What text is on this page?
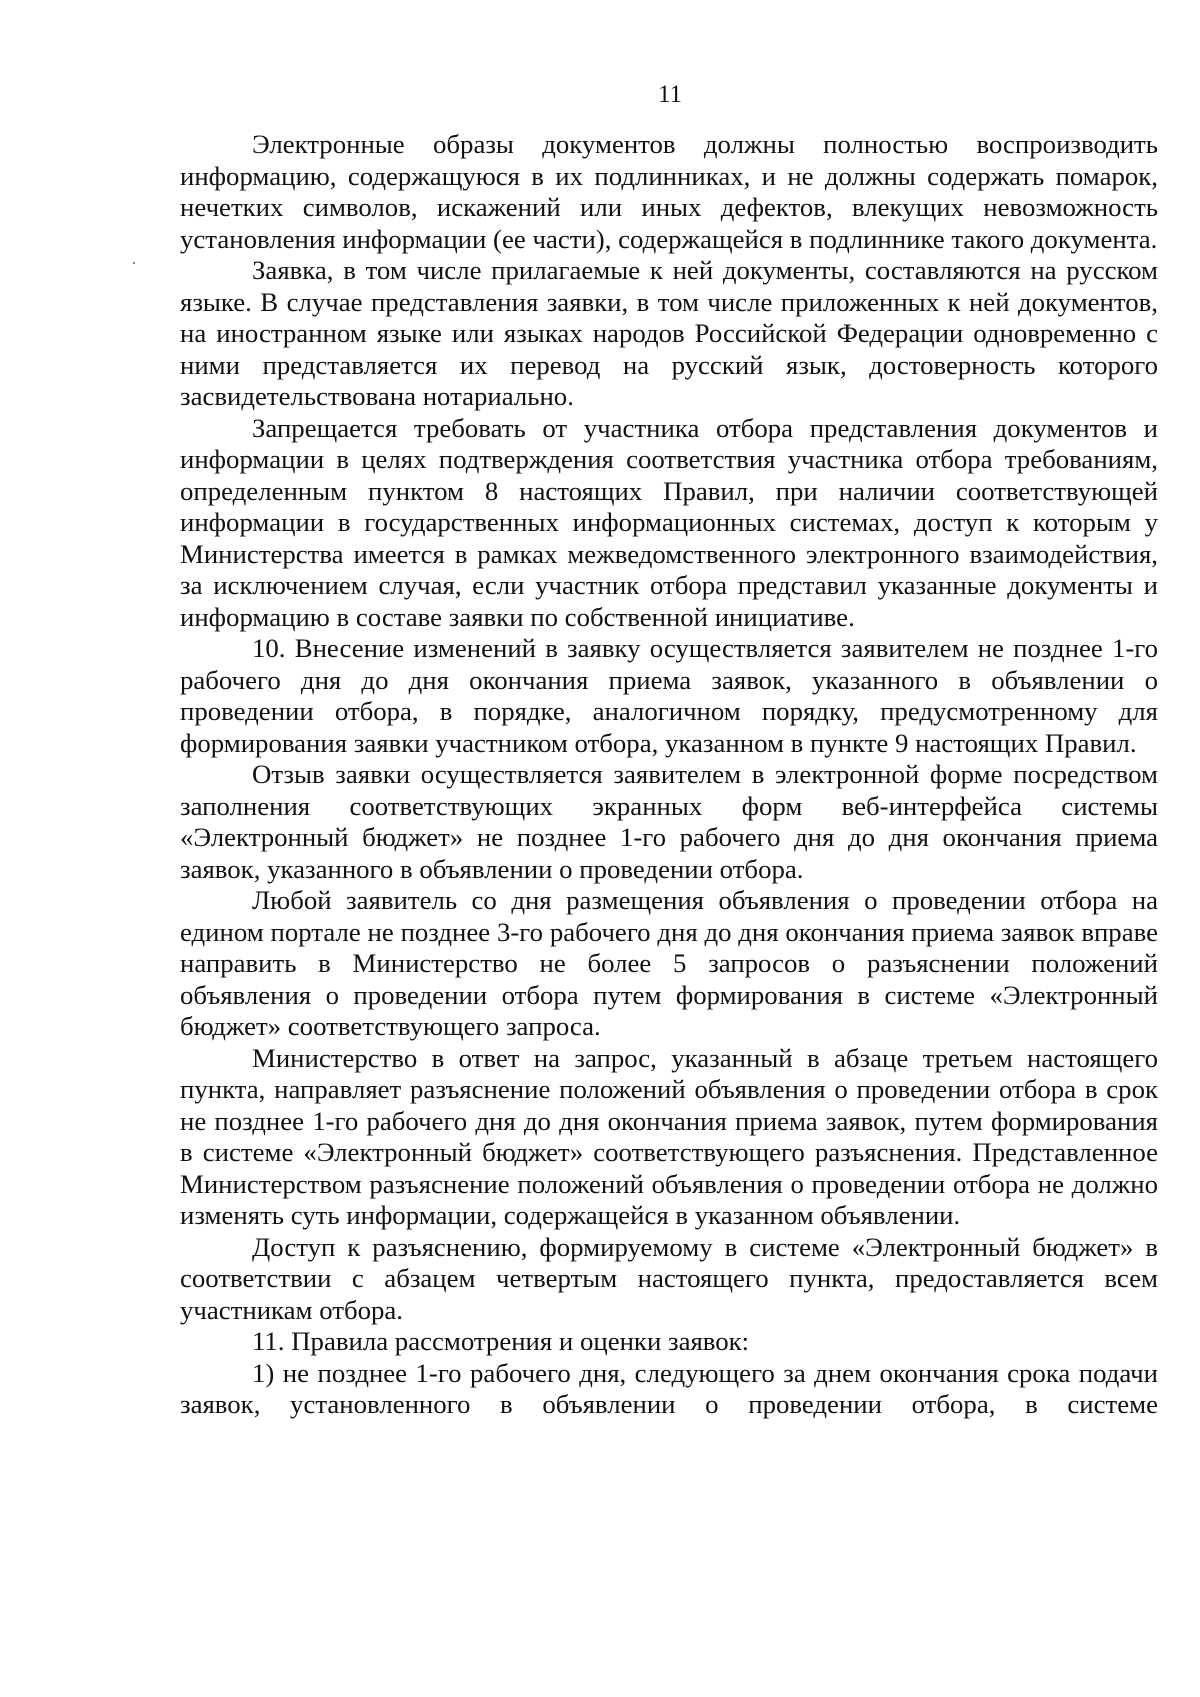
11

Электронные образы документов должны полностью воспроизводить информацию, содержащуюся в их подлинниках, и не должны содержать помарок, нечетких символов, искажений или иных дефектов, влекущих невозможность установления информации (ее части), содержащейся в подлиннике такого документа.

Заявка, в том числе прилагаемые к ней документы, составляются на русском языке. В случае представления заявки, в том числе приложенных к ней документов, на иностранном языке или языках народов Российской Федерации одновременно с ними представляется их перевод на русский язык, достоверность которого засвидетельствована нотариально.

Запрещается требовать от участника отбора представления документов и информации в целях подтверждения соответствия участника отбора требованиям, определенным пунктом 8 настоящих Правил, при наличии соответствующей информации в государственных информационных системах, доступ к которым у Министерства имеется в рамках межведомственного электронного взаимодействия, за исключением случая, если участник отбора представил указанные документы и информацию в составе заявки по собственной инициативе.

10. Внесение изменений в заявку осуществляется заявителем не позднее 1-го рабочего дня до дня окончания приема заявок, указанного в объявлении о проведении отбора, в порядке, аналогичном порядку, предусмотренному для формирования заявки участником отбора, указанном в пункте 9 настоящих Правил.

Отзыв заявки осуществляется заявителем в электронной форме посредством заполнения соответствующих экранных форм веб-интерфейса системы «Электронный бюджет» не позднее 1-го рабочего дня до дня окончания приема заявок, указанного в объявлении о проведении отбора.

Любой заявитель со дня размещения объявления о проведении отбора на едином портале не позднее 3-го рабочего дня до дня окончания приема заявок вправе направить в Министерство не более 5 запросов о разъяснении положений объявления о проведении отбора путем формирования в системе «Электронный бюджет» соответствующего запроса.

Министерство в ответ на запрос, указанный в абзаце третьем настоящего пункта, направляет разъяснение положений объявления о проведении отбора в срок не позднее 1-го рабочего дня до дня окончания приема заявок, путем формирования в системе «Электронный бюджет» соответствующего разъяснения. Представленное Министерством разъяснение положений объявления о проведении отбора не должно изменять суть информации, содержащейся в указанном объявлении.

Доступ к разъяснению, формируемому в системе «Электронный бюджет» в соответствии с абзацем четвертым настоящего пункта, предоставляется всем участникам отбора.

11. Правила рассмотрения и оценки заявок:

1) не позднее 1-го рабочего дня, следующего за днем окончания срока подачи заявок, установленного в объявлении о проведении отбора, в системе
